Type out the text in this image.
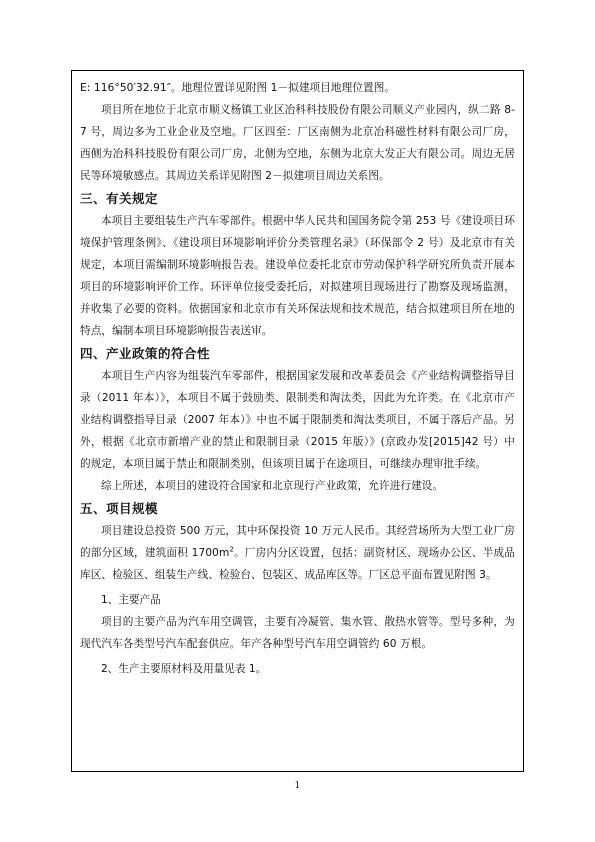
E: 116°50′32.91″。地理位置详见附图 1－拟建项目地理位置图。

项目所在地位于北京市顺义杨镇工业区冶科科技股份有限公司顺义产业园内，纵二路 8-7 号，周边多为工业企业及空地。厂区四至：厂区南侧为北京冶科磁性材料有限公司厂房，西侧为冶科科技股份有限公司厂房，北侧为空地，东侧为北京大发正大有限公司。周边无居民等环境敏感点。其周边关系详见附图 2－拟建项目周边关系图。

三、有关规定

本项目主要组装生产汽车零部件。根据中华人民共和国国务院令第 253 号《建设项目环境保护管理条例》、《建设项目环境影响评价分类管理名录》（环保部令 2 号）及北京市有关规定，本项目需编制环境影响报告表。建设单位委托北京市劳动保护科学研究所负责开展本项目的环境影响评价工作。环评单位接受委托后，对拟建项目现场进行了勘察及现场监测，并收集了必要的资料。依据国家和北京市有关环保法规和技术规范，结合拟建项目所在地的特点，编制本项目环境影响报告表送审。

四、产业政策的符合性

本项目生产内容为组装汽车零部件，根据国家发展和改革委员会《产业结构调整指导目录（2011 年本）》，本项目不属于鼓励类、限制类和淘汰类，因此为允许类。在《北京市产业结构调整指导目录（2007 年本）》中也不属于限制类和淘汰类项目，不属于落后产品。另外，根据《北京市新增产业的禁止和限制目录（2015 年版）》(京政办发[2015]42 号）中的规定，本项目属于禁止和限制类别，但该项目属于在途项目，可继续办理审批手续。

综上所述，本项目的建设符合国家和北京现行产业政策，允许进行建设。

五、项目规模

项目建设总投资 500 万元，其中环保投资 10 万元人民币。其经营场所为大型工业厂房的部分区域，建筑面积 $1700m^2$。厂房内分区设置，包括：副资材区、现场办公区、半成品库区、检验区、组装生产线、检验台、包装区、成品库区等。厂区总平面布置见附图 3。

1、主要产品

项目的主要产品为汽车用空调管，主要有冷凝管、集水管、散热水管等。型号多种，为现代汽车各类型号汽车配套供应。年产各种型号汽车用空调管约 60 万根。

2、生产主要原材料及用量见表 1。
1
